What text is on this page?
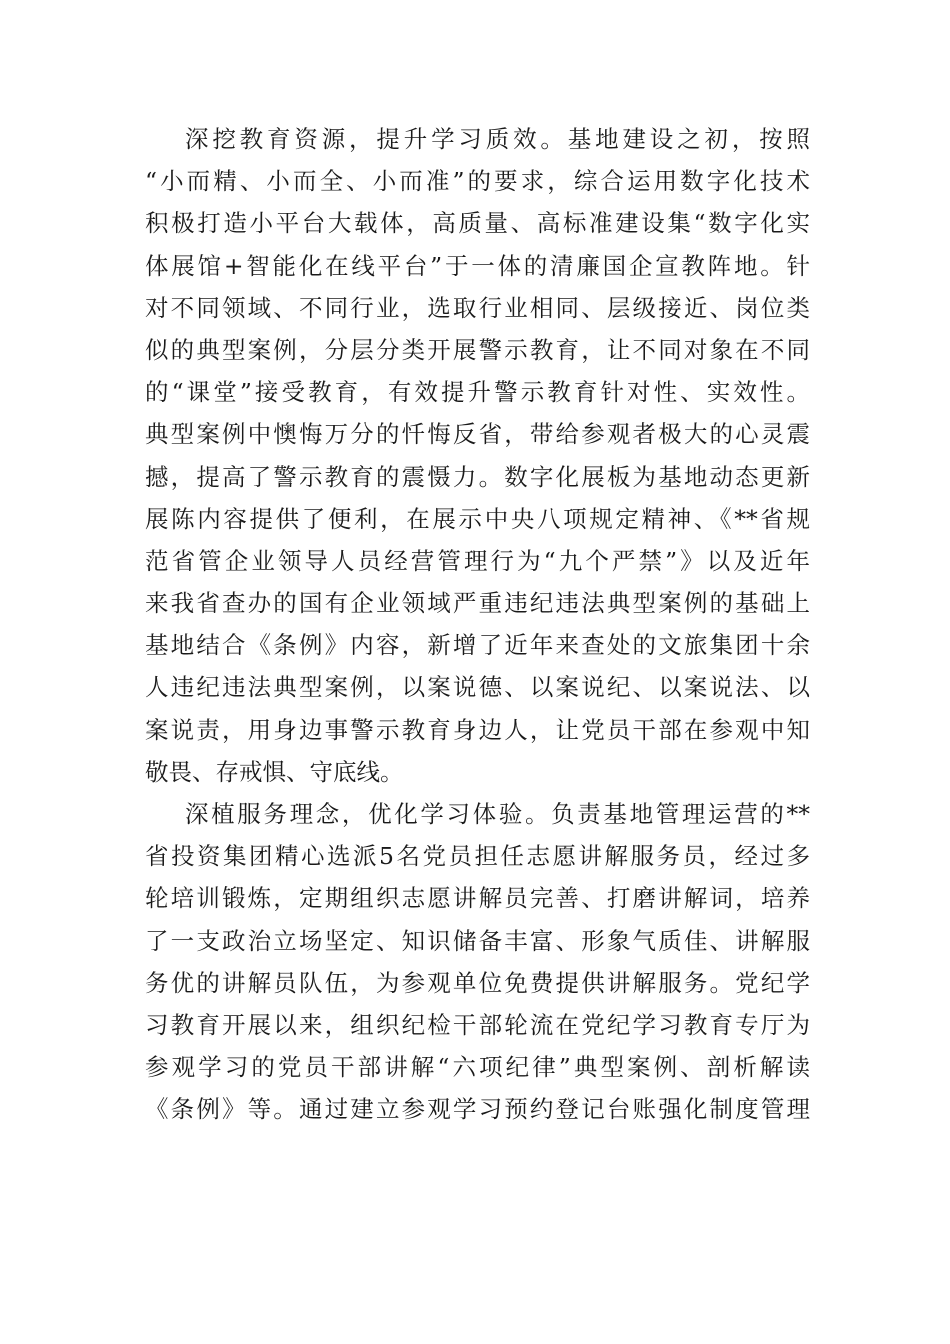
深挖教育资源，提升学习质效。基地建设之初，按照
“小而精、小而全、小而准”的要求，综合运用数字化技术
积极打造小平台大载体，高质量、高标准建设集“数字化实
体展馆+智能化在线平台”于一体的清廉国企宣教阵地。针
对不同领域、不同行业，选取行业相同、层级接近、岗位类
似的典型案例，分层分类开展警示教育，让不同对象在不同
的“课堂”接受教育，有效提升警示教育针对性、实效性。
典型案例中懊悔万分的忏悔反省，带给参观者极大的心灵震
撼，提高了警示教育的震慑力。数字化展板为基地动态更新
展陈内容提供了便利，在展示中央八项规定精神、《**省规
范省管企业领导人员经营管理行为“九个严禁”》以及近年
来我省查办的国有企业领域严重违纪违法典型案例的基础上
基地结合《条例》内容，新增了近年来查处的文旅集团十余
人违纪违法典型案例，以案说德、以案说纪、以案说法、以
案说责，用身边事警示教育身边人，让党员干部在参观中知
敬畏、存戒惧、守底线。
深植服务理念，优化学习体验。负责基地管理运营的**
省投资集团精心选派5名党员担任志愿讲解服务员，经过多
轮培训锻炼，定期组织志愿讲解员完善、打磨讲解词，培养
了一支政治立场坚定、知识储备丰富、形象气质佳、讲解服
务优的讲解员队伍，为参观单位免费提供讲解服务。党纪学
习教育开展以来，组织纪检干部轮流在党纪学习教育专厅为
参观学习的党员干部讲解“六项纪律”典型案例、剖析解读
《条例》等。通过建立参观学习预约登记台账强化制度管理
